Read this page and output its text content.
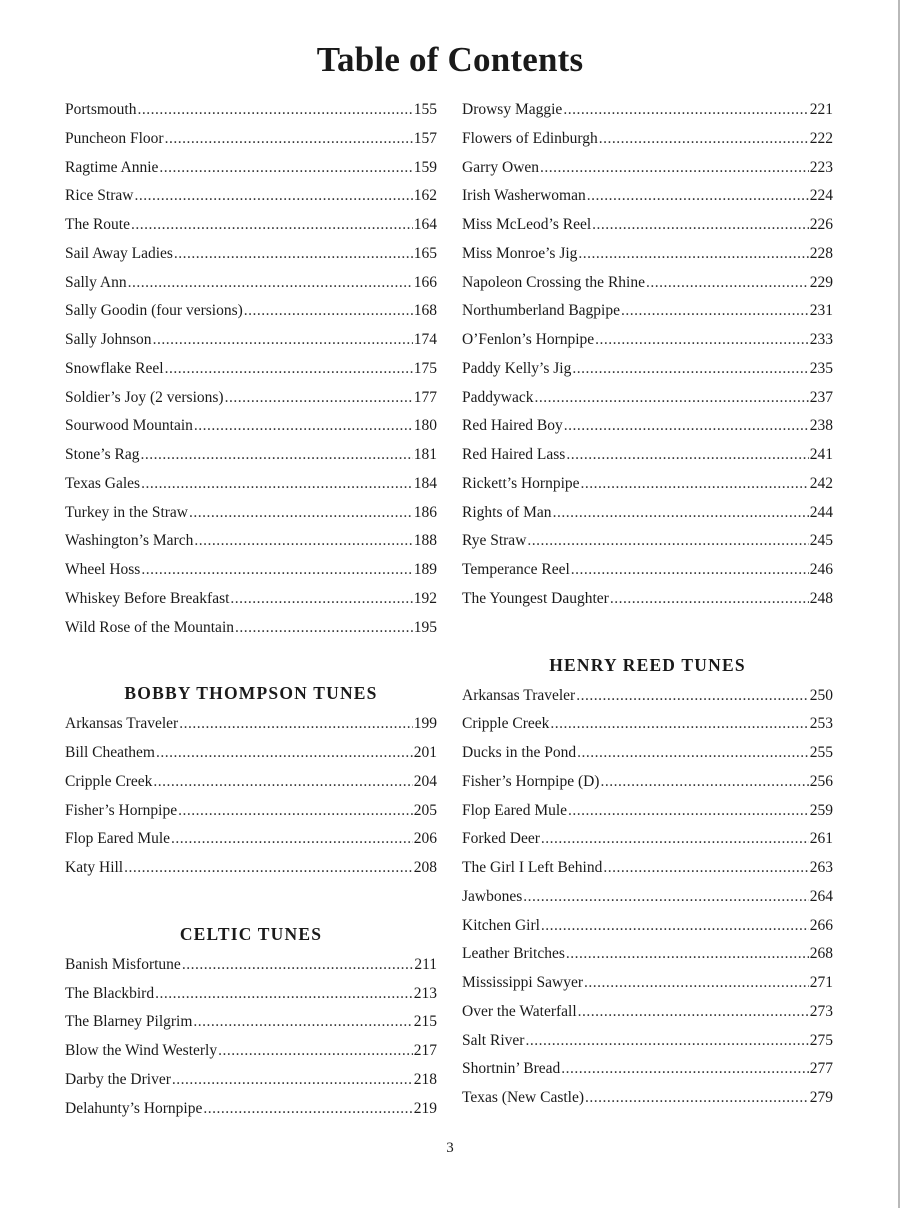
Table of Contents
Portsmouth .....	155
Puncheon Floor .....	157
Ragtime Annie .....	159
Rice Straw .....	162
The Route .....	164
Sail Away Ladies .....	165
Sally Ann .....	166
Sally Goodin (four versions) .....	168
Sally Johnson .....	174
Snowflake Reel .....	175
Soldier’s Joy (2 versions) .....	177
Sourwood Mountain .....	180
Stone’s Rag .....	181
Texas Gales .....	184
Turkey in the Straw .....	186
Washington’s March .....	188
Wheel Hoss .....	189
Whiskey Before Breakfast .....	192
Wild Rose of the Mountain .....	195
BOBBY THOMPSON TUNES
Arkansas Traveler .....	199
Bill Cheathem .....	201
Cripple Creek .....	204
Fisher’s Hornpipe .....	205
Flop Eared Mule .....	206
Katy Hill .....	208
CELTIC TUNES
Banish Misfortune .....	211
The Blackbird .....	213
The Blarney Pilgrim .....	215
Blow the Wind Westerly .....	217
Darby the Driver .....	218
Delahunty’s Hornpipe .....	219
Drowsy Maggie .....	221
Flowers of Edinburgh .....	222
Garry Owen .....	223
Irish Washerwoman .....	224
Miss McLeod’s Reel .....	226
Miss Monroe’s Jig .....	228
Napoleon Crossing the Rhine .....	229
Northumberland Bagpipe .....	231
O’Fenlon’s Hornpipe .....	233
Paddy Kelly’s Jig .....	235
Paddywack .....	237
Red Haired Boy .....	238
Red Haired Lass .....	241
Rickett’s Hornpipe .....	242
Rights of Man .....	244
Rye Straw .....	245
Temperance Reel .....	246
The Youngest Daughter .....	248
HENRY REED TUNES
Arkansas Traveler .....	250
Cripple Creek .....	253
Ducks in the Pond .....	255
Fisher’s Hornpipe (D) .....	256
Flop Eared Mule .....	259
Forked Deer .....	261
The Girl I Left Behind .....	263
Jawbones .....	264
Kitchen Girl .....	266
Leather Britches .....	268
Mississippi Sawyer .....	271
Over the Waterfall .....	273
Salt River .....	275
Shortnin’ Bread .....	277
Texas (New Castle) .....	279
3
